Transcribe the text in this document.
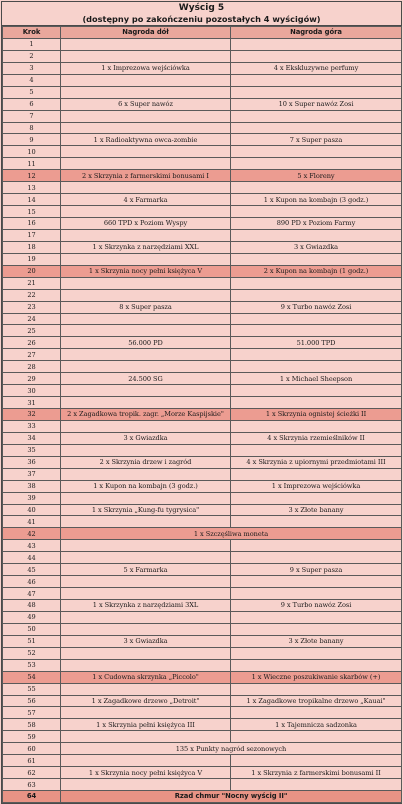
Wyścig 5
(dostępny po zakończeniu pozostałych 4 wyścigów)
Krok	Nagroda dół	Nagroda góra
1		
2		
3	1 x Imprezowa wejściówka	4 x Ekskluzywne perfumy
4		
5		
6	6 x Super nawóz	10 x Super nawóz Zosi
7		
8		
9	1 x Radioaktywna owca-zombie	7 x Super pasza
10		
11		
12	2 x Skrzynia z farmerskimi bonusami I	5 x Floreny
13		
14	4 x Farmarka	1 x Kupon na kombajn (3 godz.)
15		
16	660 TPD x Poziom Wyspy	890 PD x Poziom Farmy
17		
18	1 x Skrzynka z narzędziami XXL	3 x Gwiazdka
19		
20	1 x Skrzynia nocy pełni księżyca V	2 x Kupon na kombajn (1 godz.)
21		
22		
23	8 x Super pasza	9 x Turbo nawóz Zosi
24		
25		
26	56.000 PD	51.000 TPD
27		
28		
29	24.500 SG	1 x Michael Sheepson
30		
31		
32	2 x Zagadkowa tropik. zagr. „Morze Kaspijskie"	1 x Skrzynia ognistej ścieżki II
33		
34	3 x Gwiazdka	4 x Skrzynia rzemieślników II
35		
36	2 x Skrzynia drzew i zagród	4 x Skrzynia z upiornymi przedmiotami III
37		
38	1 x Kupon na kombajn (3 godz.)	1 x Imprezowa wejściówka
39		
40	1 x Skrzynia „Kung-fu tygrysica"	3 x Złote banany
41		
42	1 x Szczęśliwa moneta	
43		
44		
45	5 x Farmarka	9 x Super pasza
46		
47		
48	1 x Skrzynka z narzędziami 3XL	9 x Turbo nawóz Zosi
49		
50		
51	3 x Gwiazdka	3 x Złote banany
52		
53		
54	1 x Cudowna skrzynka „Piccolo"	1 x Wieczne poszukiwanie skarbów (+)
55		
56	1 x Zagadkowe drzewo „Detroit"	1 x Zagadkowe tropikalne drzewo „Kauai"
57		
58	1 x Skrzynia pełni księżyca III	1 x Tajemnicza sadzonka
59		
60	135 x Punkty nagród sezonowych	
61		
62	1 x Skrzynia nocy pełni księżyca V	1 x Skrzynia z farmerskimi bonusami II
63		
64	Rzad chmur "Nocny wyścig II"	
